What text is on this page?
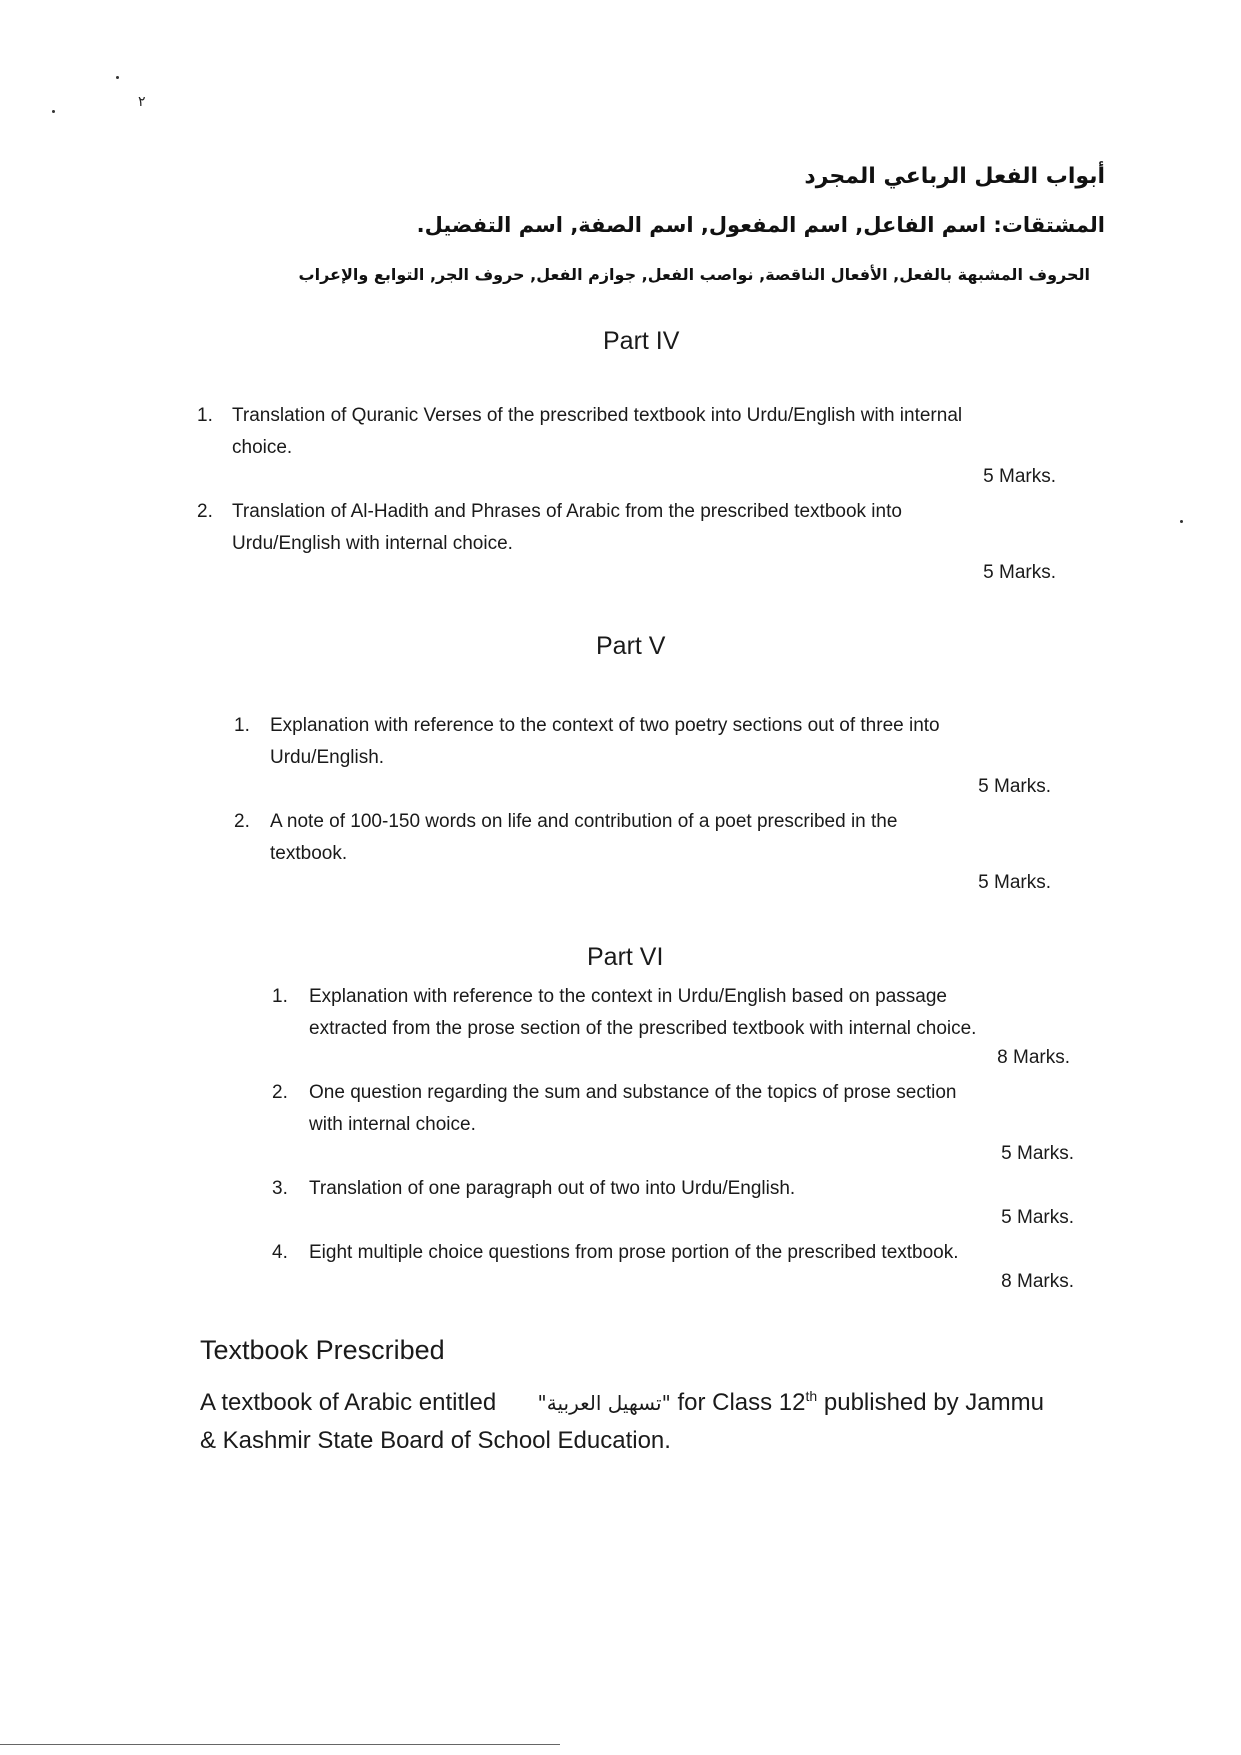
٢
أبواب الفعل الرباعي المجرد
المشتقات: اسم الفاعل, اسم المفعول, اسم الصفة, اسم التفضيل.
الحروف المشبهة بالفعل, الأفعال الناقصة, نواصب الفعل, جوازم الفعل, حروف الجر, التوابع والإعراب
Part IV
1.	Translation of Quranic Verses of the prescribed textbook into Urdu/English with internal
choice.
5 Marks.
2.	Translation of Al-Hadith and Phrases of Arabic from the prescribed textbook into
Urdu/English with internal choice.
5 Marks.
Part V
1.	Explanation with reference to the context of two poetry sections out of three into
Urdu/English.
5 Marks.
2.	A note of 100-150 words on life and contribution of a poet prescribed in the
textbook.
5 Marks.
Part VI
1.	Explanation with reference to the context in Urdu/English based on passage
extracted from the prose section of the prescribed textbook with internal choice.
8 Marks.
2.	One question regarding the sum and substance of the topics of prose section
with internal choice.
5 Marks.
3.	Translation of one paragraph out of two into Urdu/English.
5 Marks.
4.	Eight multiple choice questions from prose portion of the prescribed textbook.
8 Marks.
Textbook Prescribed
A textbook of Arabic entitled "تسهيل العربية" for Class 12th published by Jammu
& Kashmir State Board of School Education.
